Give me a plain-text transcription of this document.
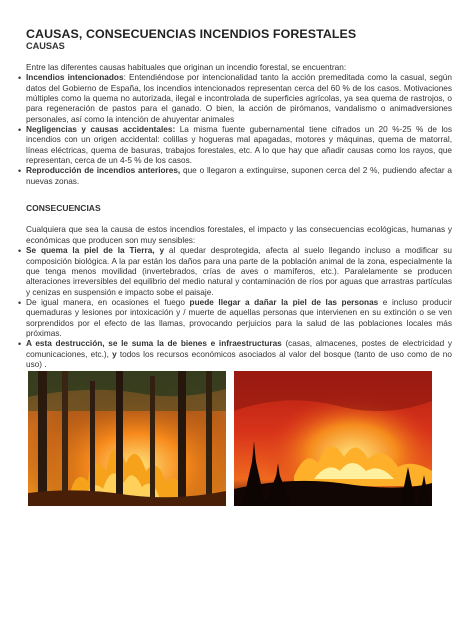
CAUSAS, CONSECUENCIAS INCENDIOS FORESTALES
CAUSAS

Entre las diferentes causas habituales que originan un incendio forestal, se encuentran:

• Incendios intencionados: Entendiéndose por intencionalidad tanto la acción premeditada como la casual, según datos del Gobierno de España, los incendios intencionados representan cerca del 60 % de los casos. Motivaciones múltiples como la quema no autorizada, ilegal e incontrolada de superficies agrícolas, ya sea quema de rastrojos, o para regeneración de pastos para el ganado. O bien, la acción de pirómanos, vandalismo o animadversiones personales, así como la intención de ahuyentar animales
• Negligencias y causas accidentales: La misma fuente gubernamental tiene cifrados un 20 %-25 % de los incendios con un origen accidental: colillas y hogueras mal apagadas, motores y máquinas, quema de matorral, líneas eléctricas, quema de basuras, trabajos forestales, etc. A lo que hay que añadir causas como los rayos, que representan, cerca de un 4-5 % de los casos.
• Reproducción de incendios anteriores, que o llegaron a extinguirse, suponen cerca del 2 %, pudiendo afectar a nuevas zonas.
CONSECUENCIAS

Cualquiera que sea la causa de estos incendios forestales, el impacto y las consecuencias ecológicas, humanas y económicas que producen son muy sensibles:

• Se quema la piel de la Tierra, y al quedar desprotegida, afecta al suelo llegando incluso a modificar su composición biológica. A la par están los daños para una parte de la población animal de la zona, especialmente la que tenga menos movilidad (invertebrados, crías de aves o mamíferos, etc.). Paralelamente se producen alteraciones irreversibles del equilibrio del medio natural y contaminación de ríos por aguas que arrastras partículas y cenizas en suspensión e impacto sobe el paisaje.
• De igual manera, en ocasiones el fuego puede llegar a dañar la piel de las personas e incluso producir quemaduras y lesiones por intoxicación y / muerte de aquellas personas que intervienen en su extinción o se ven sorprendidos por el efecto de las llamas, provocando perjuicios para la salud de las poblaciones locales más próximas.
• A esta destrucción, se le suma la de bienes e infraestructuras (casas, almacenes, postes de electricidad y comunicaciones, etc.), y todos los recursos económicos asociados al valor del bosque (tanto de uso como de no uso) .
